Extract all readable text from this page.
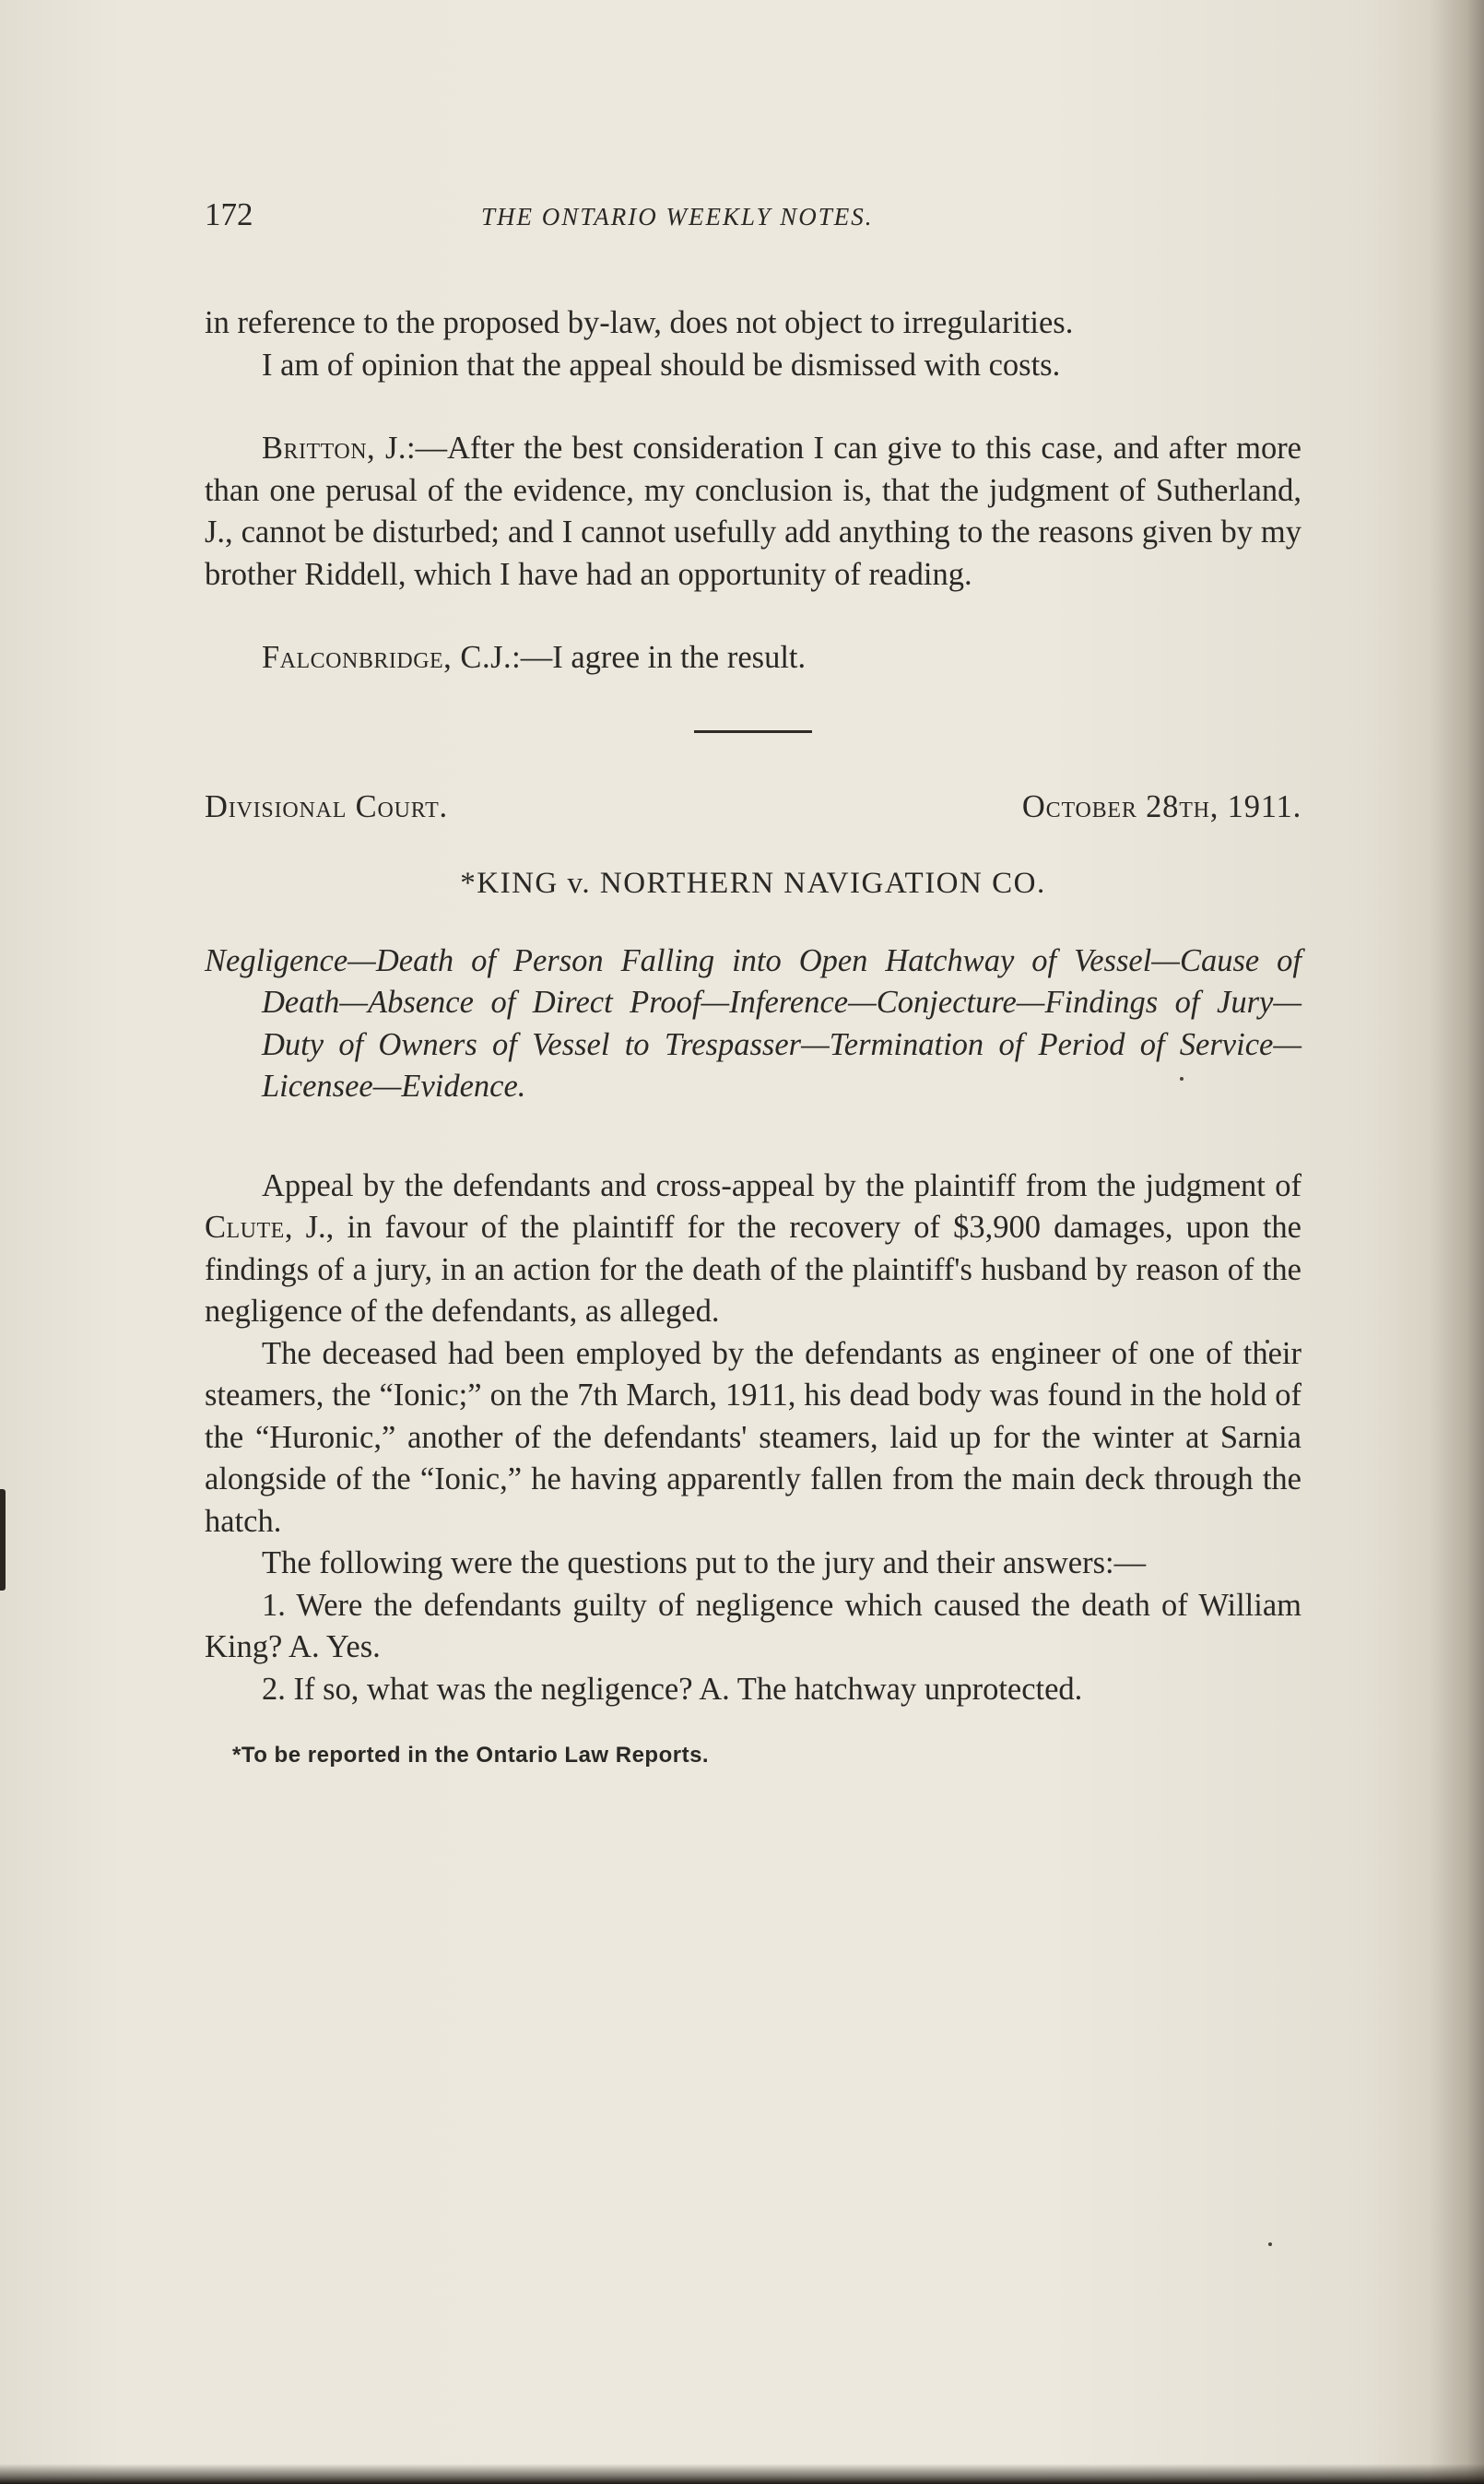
172	THE ONTARIO WEEKLY NOTES.

in reference to the proposed by-law, does not object to irregularities.

I am of opinion that the appeal should be dismissed with costs.

Britton, J.:—After the best consideration I can give to this case, and after more than one perusal of the evidence, my conclusion is, that the judgment of Sutherland, J., cannot be disturbed; and I cannot usefully add anything to the reasons given by my brother Riddell, which I have had an opportunity of reading.

Falconbridge, C.J.:—I agree in the result.

Divisional Court.	October 28th, 1911.
*KING v. NORTHERN NAVIGATION CO.

Negligence—Death of Person Falling into Open Hatchway of Vessel—Cause of Death—Absence of Direct Proof—Inference—Conjecture—Findings of Jury—Duty of Owners of Vessel to Trespasser—Termination of Period of Service—Licensee—Evidence.

Appeal by the defendants and cross-appeal by the plaintiff from the judgment of Clute, J., in favour of the plaintiff for the recovery of $3,900 damages, upon the findings of a jury, in an action for the death of the plaintiff's husband by reason of the negligence of the defendants, as alleged.

The deceased had been employed by the defendants as engineer of one of their steamers, the “Ionic;” on the 7th March, 1911, his dead body was found in the hold of the “Huronic,” another of the defendants' steamers, laid up for the winter at Sarnia alongside of the “Ionic,” he having apparently fallen from the main deck through the hatch.

The following were the questions put to the jury and their answers:—

1. Were the defendants guilty of negligence which caused the death of William King? A. Yes.

2. If so, what was the negligence? A. The hatchway unprotected.

*To be reported in the Ontario Law Reports.
